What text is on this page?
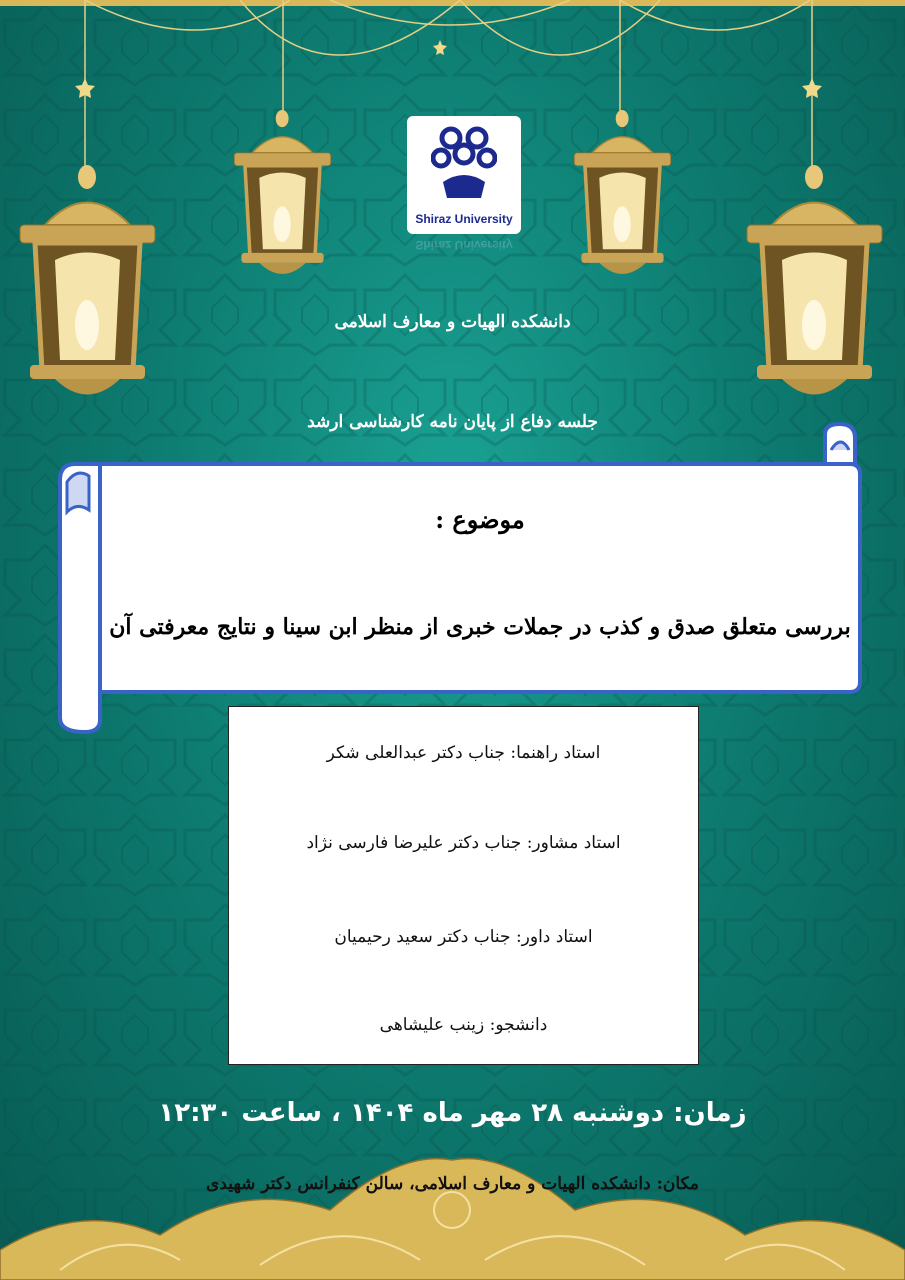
Shiraz University
Shiraz University
دانشکده الهیات و معارف اسلامی
جلسه دفاع از پایان نامه کارشناسی ارشد
موضوع :
بررسی متعلق صدق و کذب در جملات خبری از منظر ابن سینا و نتایج معرفتی آن
استاد راهنما: جناب دکتر عبدالعلی شکر
استاد مشاور: جناب دکتر علیرضا فارسی نژاد
استاد داور: جناب دکتر سعید رحیمیان
دانشجو: زینب علیشاهی
زمان: دوشنبه ۲۸ مهر ماه ۱۴۰۴ ، ساعت ۱۲:۳۰
مکان: دانشکده الهیات و معارف اسلامی، سالن کنفرانس دکتر شهیدی
